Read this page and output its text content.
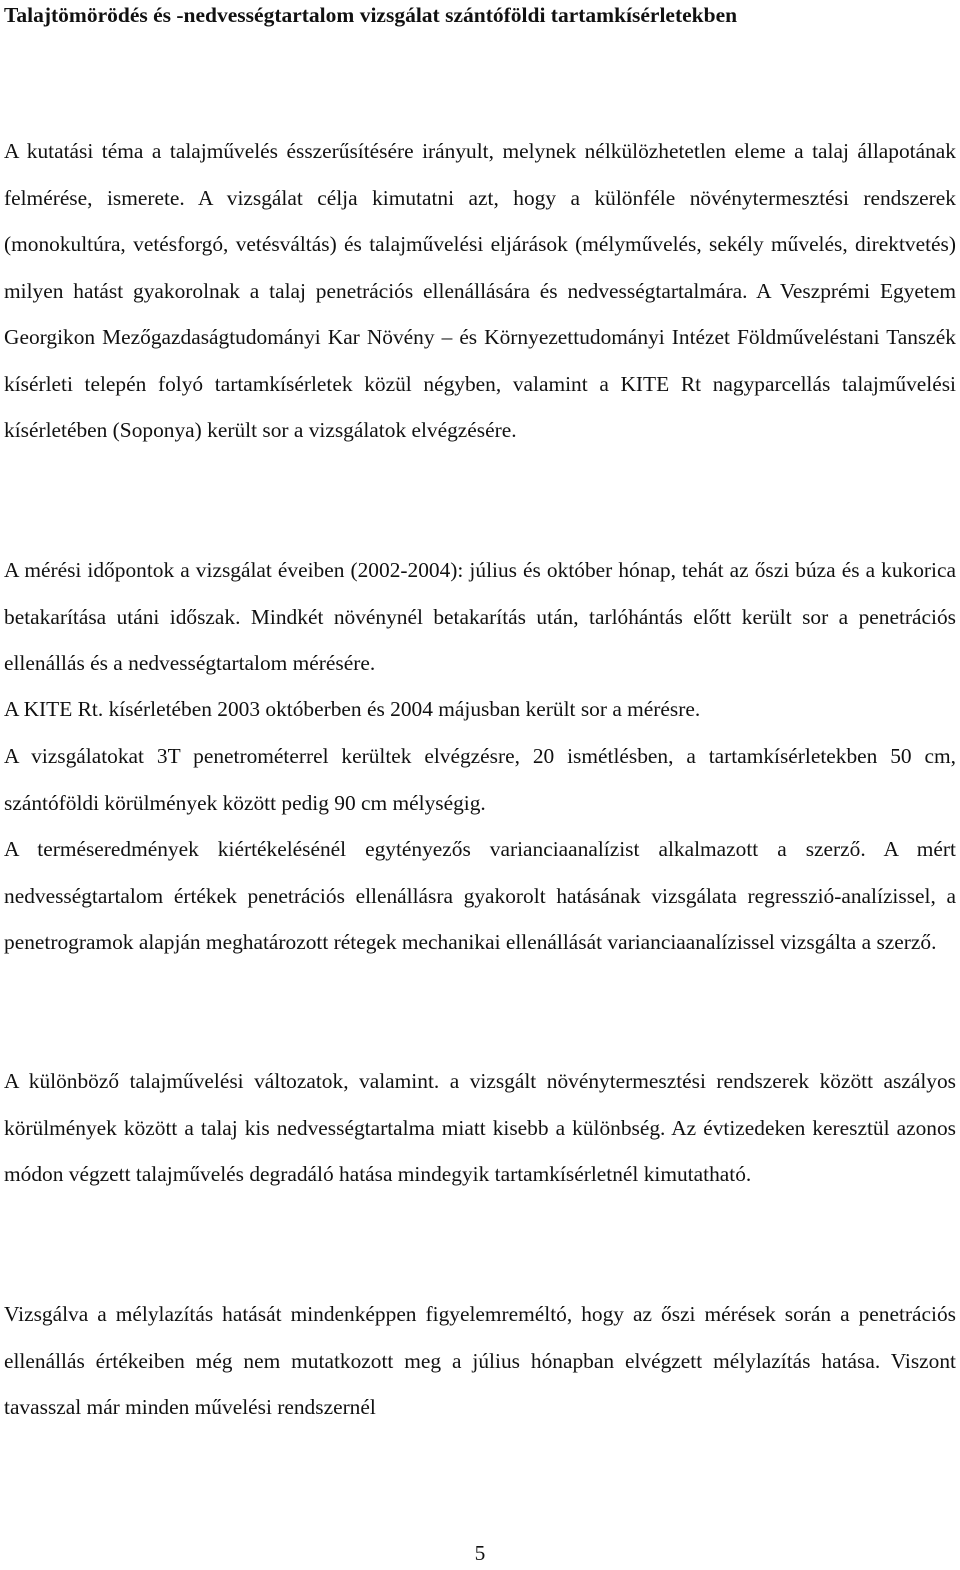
Talajtömörödés és -nedvességtartalom vizsgálat szántóföldi tartamkísérletekben

A kutatási téma a talajművelés ésszerűsítésére irányult, melynek nélkülözhetetlen eleme a talaj állapotának felmérése, ismerete. A vizsgálat célja kimutatni azt, hogy a különféle növénytermesztési rendszerek (monokultúra, vetésforgó, vetésváltás) és talajművelési eljárások (mélyművelés, sekély művelés, direktvetés) milyen hatást gyakorolnak a talaj penetrációs ellenállására és nedvességtartalmára. A Veszprémi Egyetem Georgikon Mezőgazdaságtudományi Kar Növény – és Környezettudományi Intézet Földműveléstani Tanszék kísérleti telepén folyó tartamkísérletek közül négyben, valamint a KITE Rt nagyparcellás talajművelési kísérletében (Soponya) került sor a vizsgálatok elvégzésére.

A mérési időpontok a vizsgálat éveiben (2002-2004): július és október hónap, tehát az őszi búza és a kukorica betakarítása utáni időszak. Mindkét növénynél betakarítás után, tarlóhántás előtt került sor a penetrációs ellenállás és a nedvességtartalom mérésére.

A KITE Rt. kísérletében 2003 októberben és 2004 májusban került sor a mérésre.

A vizsgálatokat 3T penetrométerrel kerültek elvégzésre, 20 ismétlésben, a tartamkísérletekben 50 cm, szántóföldi körülmények között pedig 90 cm mélységig.

A terméseredmények kiértékelésénél egytényezős varianciaanalízist alkalmazott a szerző. A mért nedvességtartalom értékek penetrációs ellenállásra gyakorolt hatásának vizsgálata regresszió-analízissel, a penetrogramok alapján meghatározott rétegek mechanikai ellenállását varianciaanalízissel vizsgálta a szerző.

A különböző talajművelési változatok, valamint. a vizsgált növénytermesztési rendszerek között aszályos körülmények között a talaj kis nedvességtartalma miatt kisebb a különbség. Az évtizedeken keresztül azonos módon végzett talajművelés degradáló hatása mindegyik tartamkísérletnél kimutatható.

Vizsgálva a mélylazítás hatását mindenképpen figyelemreméltó, hogy az őszi mérések során a penetrációs ellenállás értékeiben még nem mutatkozott meg a július hónapban elvégzett mélylazítás hatása. Viszont tavasszal már minden művelési rendszernél

5
